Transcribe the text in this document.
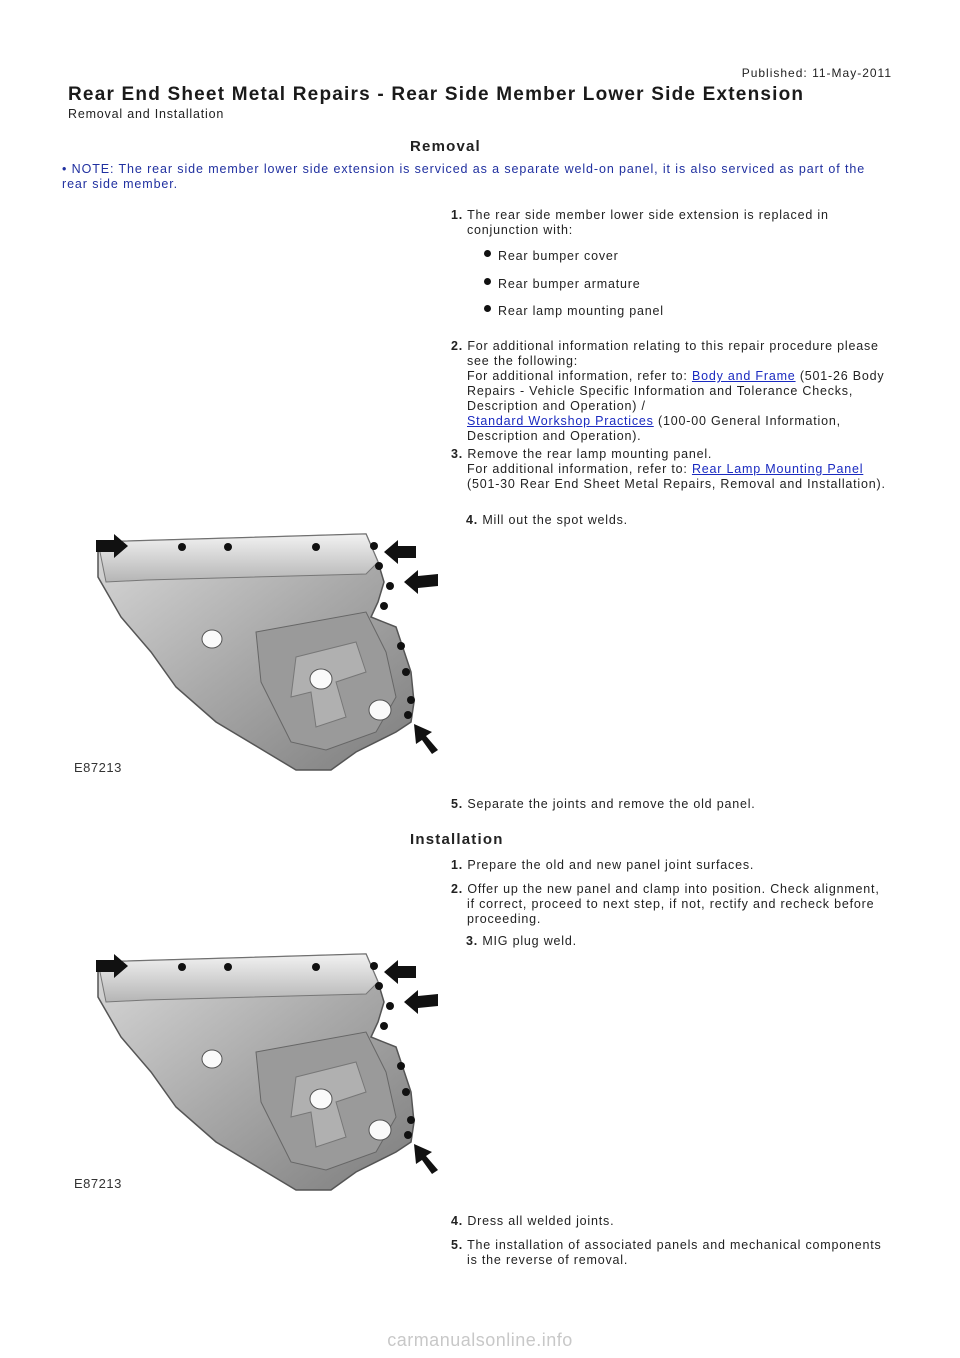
Published: 11-May-2011
Rear End Sheet Metal Repairs - Rear Side Member Lower Side Extension
Removal and Installation
Removal
• NOTE: The rear side member lower side extension is serviced as a separate weld-on panel, it is also serviced as part of the rear side member.
1. The rear side member lower side extension is replaced in conjunction with:
Rear bumper cover
Rear bumper armature
Rear lamp mounting panel
2. For additional information relating to this repair procedure please see the following:
For additional information, refer to: Body and Frame (501-26 Body Repairs - Vehicle Specific Information and Tolerance Checks, Description and Operation) /
Standard Workshop Practices (100-00 General Information, Description and Operation).
3. Remove the rear lamp mounting panel.
For additional information, refer to: Rear Lamp Mounting Panel (501-30 Rear End Sheet Metal Repairs, Removal and Installation).
4. Mill out the spot welds.
E87213
5. Separate the joints and remove the old panel.
Installation
1. Prepare the old and new panel joint surfaces.
2. Offer up the new panel and clamp into position. Check alignment, if correct, proceed to next step, if not, rectify and recheck before proceeding.
3. MIG plug weld.
E87213
4. Dress all welded joints.
5. The installation of associated panels and mechanical components is the reverse of removal.
carmanualsonline.info
